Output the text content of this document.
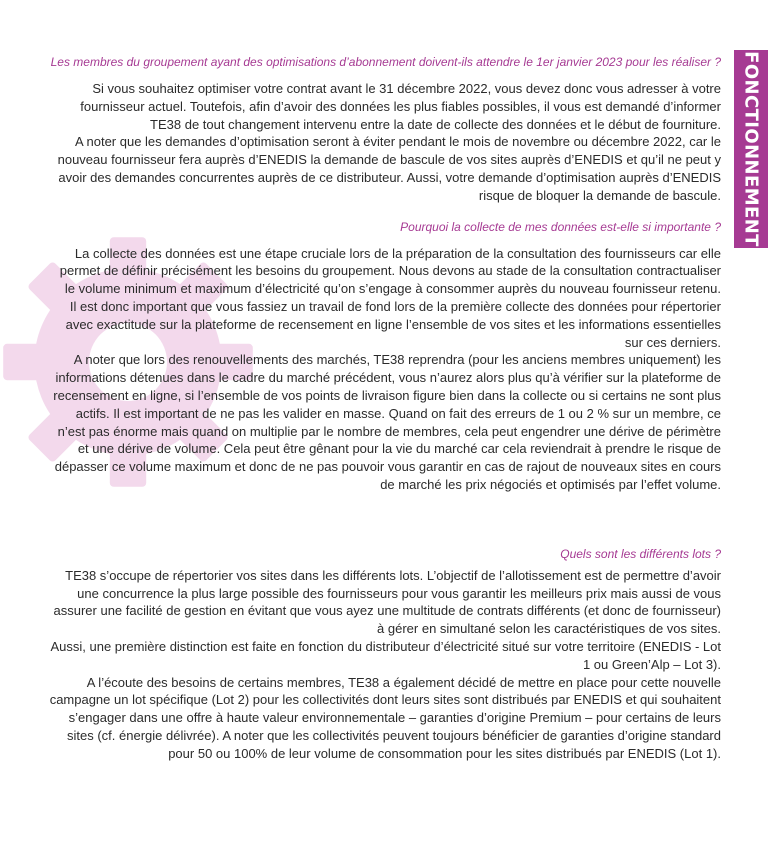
FONCTIONNEMENT

Les membres du groupement ayant des optimisations d’abonnement doivent-ils attendre le 1er janvier 2023 pour les réaliser ?

Si vous souhaitez optimiser votre contrat avant le 31 décembre 2022, vous devez donc vous adresser à votre fournisseur actuel. Toutefois, afin d’avoir des données les plus fiables possibles, il vous est demandé d’informer TE38 de tout changement intervenu entre la date de collecte des données et le début de fourniture.

A noter que les demandes d’optimisation seront à éviter pendant le mois de novembre ou décembre 2022, car le nouveau fournisseur fera auprès d’ENEDIS la demande de bascule de vos sites auprès d’ENEDIS et qu’il ne peut y avoir des demandes concurrentes auprès de ce distributeur. Aussi, votre demande d’optimisation auprès d’ENEDIS risque de bloquer la demande de bascule.

Pourquoi la collecte de mes données est-elle si importante ?

La collecte des données est une étape cruciale lors de la préparation de la consultation des fournisseurs car elle permet de définir précisément les besoins du groupement. Nous devons au stade de la consultation contractualiser le volume minimum et maximum d’électricité qu’on s’engage à consommer auprès du nouveau fournisseur retenu.

Il est donc important que vous fassiez un travail de fond lors de la première collecte des données pour répertorier avec exactitude sur la plateforme de recensement en ligne l’ensemble de vos sites et les informations essentielles sur ces derniers.

A noter que lors des renouvellements des marchés, TE38 reprendra (pour les anciens membres uniquement) les informations détenues dans le cadre du marché précédent, vous n’aurez alors plus qu’à vérifier sur la plateforme de recensement en ligne, si l’ensemble de vos points de livraison figure bien dans la collecte ou si certains ne sont plus actifs. Il est important de ne pas les valider en masse. Quand on fait des erreurs de 1 ou 2 % sur un membre, ce n’est pas énorme mais quand on multiplie par le nombre de membres, cela peut engendrer une dérive de périmètre et une dérive de volume. Cela peut être gênant pour la vie du marché car cela reviendrait à prendre le risque de dépasser ce volume maximum et donc de ne pas pouvoir vous garantir en cas de rajout de nouveaux sites en cours de marché les prix négociés et optimisés par l’effet volume.

Quels sont les différents lots ?

TE38 s’occupe de répertorier vos sites dans les différents lots. L’objectif de l’allotissement est de permettre d’avoir une concurrence la plus large possible des fournisseurs pour vous garantir les meilleurs prix mais aussi de vous assurer une facilité de gestion en évitant que vous ayez une multitude de contrats différents (et donc de fournisseur) à gérer en simultané selon les caractéristiques de vos sites.

Aussi, une première distinction est faite en fonction du distributeur d’électricité situé sur votre territoire (ENEDIS - Lot 1 ou Green’Alp – Lot 3).

A l’écoute des besoins de certains membres, TE38 a également décidé de mettre en place pour cette nouvelle campagne un lot spécifique (Lot 2) pour les collectivités dont leurs sites sont distribués par ENEDIS et qui souhaitent s’engager dans une offre à haute valeur environnementale – garanties d’origine Premium – pour certains de leurs sites (cf. énergie délivrée). A noter que les collectivités peuvent toujours bénéficier de garanties d’origine standard pour 50 ou 100% de leur volume de consommation pour les sites distribués par ENEDIS (Lot 1).
